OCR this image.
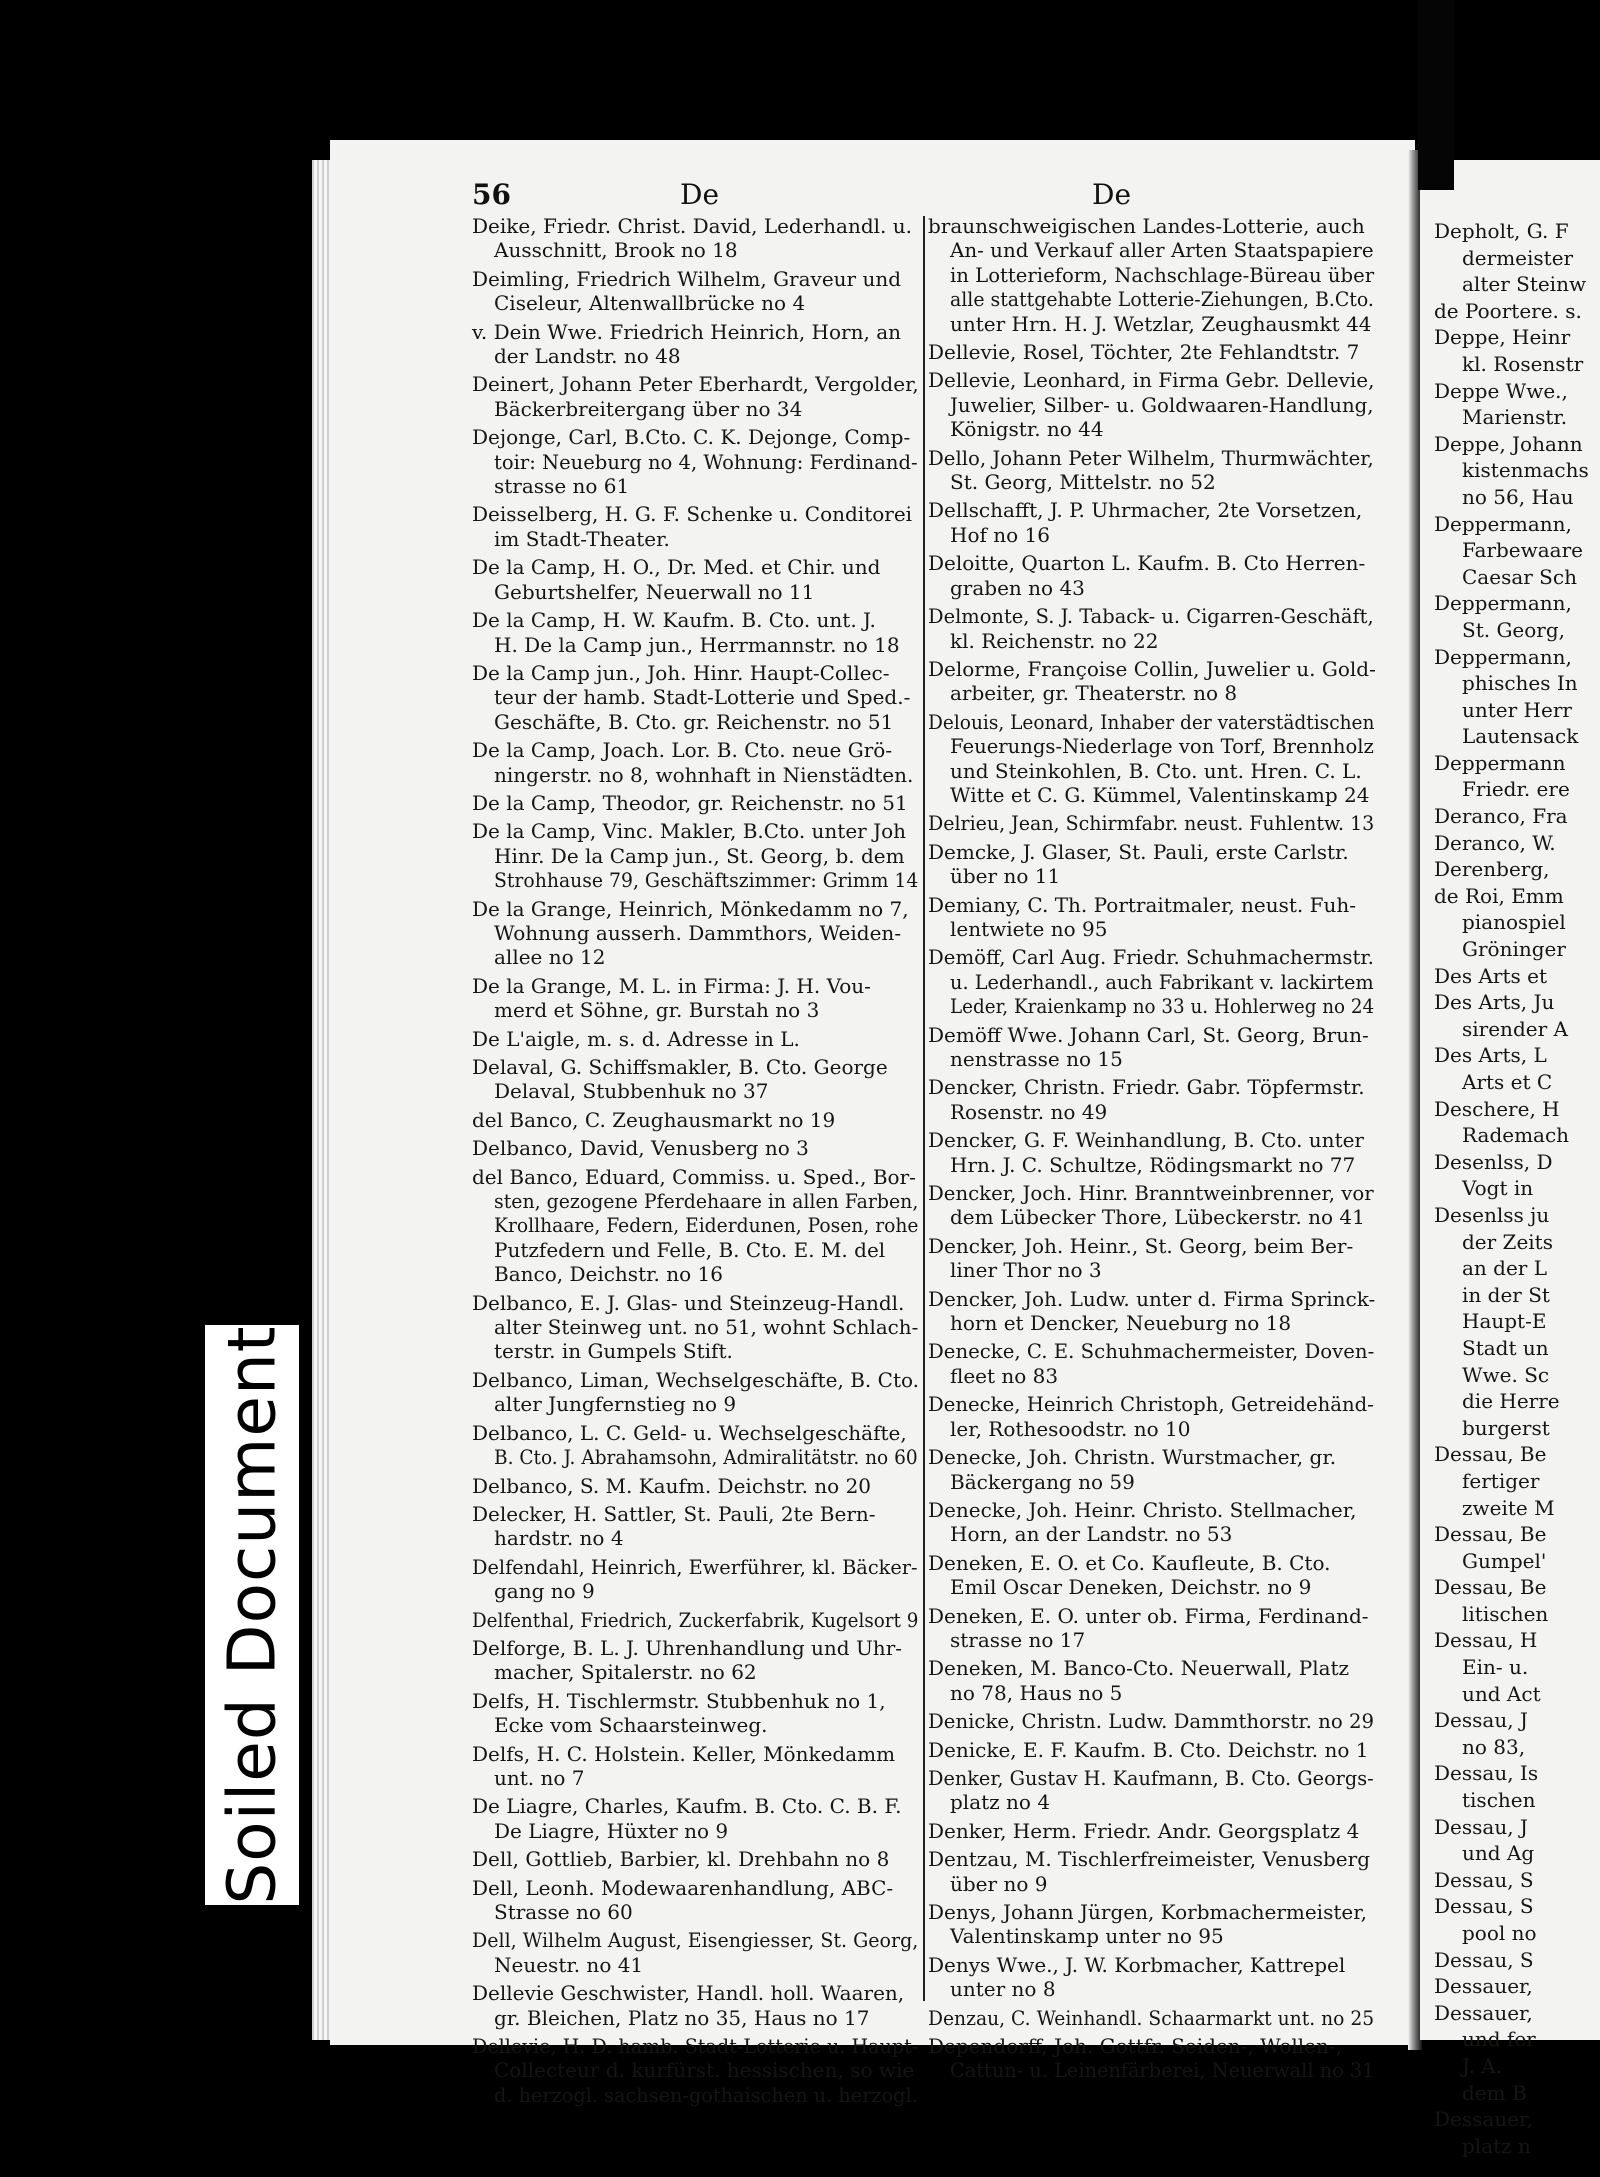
Soiled Document
Depholt, G. F
dermeister
alter Steinw
de Poortere. s.
Deppe, Heinr
kl. Rosenstr
Deppe Wwe.,
Marienstr.
Deppe, Johann
kistenmachs
no 56, Hau
Deppermann,
Farbewaare
Caesar Sch
Deppermann,
St. Georg,
Deppermann,
phisches In
unter Herr
Lautensack
Deppermann
Friedr. ere
Deranco, Fra
Deranco, W.
Derenberg,
de Roi, Emm
pianospiel
Gröninger
Des Arts et
Des Arts, Ju
sirender A
Des Arts, L
Arts et C
Deschere, H
Rademach
Desenlss, D
Vogt in
Desenlss ju
der Zeits
an der L
in der St
Haupt-E
Stadt un
Wwe. Sc
die Herre
burgerst
Dessau, Be
fertiger
zweite M
Dessau, Be
Gumpel'
Dessau, Be
litischen
Dessau, H
Ein- u.
und Act
Dessau, J
no 83,
Dessau, Is
tischen
Dessau, J
und Ag
Dessau, S
Dessau, S
pool no
Dessau, S
Dessauer,
Dessauer,
und fer
J. A.
dem B
Dessauer,
platz n
56	De	De
Deike, Friedr. Christ. David, Lederhandl. u.
Ausschnitt, Brook no 18
Deimling, Friedrich Wilhelm, Graveur und
Ciseleur, Altenwallbrücke no 4
v. Dein Wwe. Friedrich Heinrich, Horn, an
der Landstr. no 48
Deinert, Johann Peter Eberhardt, Vergolder,
Bäckerbreitergang über no 34
Dejonge, Carl, B.Cto. C. K. Dejonge, Comp-
toir: Neueburg no 4, Wohnung: Ferdinand-
strasse no 61
Deisselberg, H. G. F. Schenke u. Conditorei
im Stadt-Theater.
De la Camp, H. O., Dr. Med. et Chir. und
Geburtshelfer, Neuerwall no 11
De la Camp, H. W. Kaufm. B. Cto. unt. J.
H. De la Camp jun., Herrmannstr. no 18
De la Camp jun., Joh. Hinr. Haupt-Collec-
teur der hamb. Stadt-Lotterie und Sped.-
Geschäfte, B. Cto. gr. Reichenstr. no 51
De la Camp, Joach. Lor. B. Cto. neue Grö-
ningerstr. no 8, wohnhaft in Nienstädten.
De la Camp, Theodor, gr. Reichenstr. no 51
De la Camp, Vinc. Makler, B.Cto. unter Joh
Hinr. De la Camp jun., St. Georg, b. dem
Strohhause 79, Geschäftszimmer: Grimm 14
De la Grange, Heinrich, Mönkedamm no 7,
Wohnung ausserh. Dammthors, Weiden-
allee no 12
De la Grange, M. L. in Firma: J. H. Vou-
merd et Söhne, gr. Burstah no 3
De L'aigle, m. s. d. Adresse in L.
Delaval, G. Schiffsmakler, B. Cto. George
Delaval, Stubbenhuk no 37
del Banco, C. Zeughausmarkt no 19
Delbanco, David, Venusberg no 3
del Banco, Eduard, Commiss. u. Sped., Bor-
sten, gezogene Pferdehaare in allen Farben,
Krollhaare, Federn, Eiderdunen, Posen, rohe
Putzfedern und Felle, B. Cto. E. M. del
Banco, Deichstr. no 16
Delbanco, E. J. Glas- und Steinzeug-Handl.
alter Steinweg unt. no 51, wohnt Schlach-
terstr. in Gumpels Stift.
Delbanco, Liman, Wechselgeschäfte, B. Cto.
alter Jungfernstieg no 9
Delbanco, L. C. Geld- u. Wechselgeschäfte,
B. Cto. J. Abrahamsohn, Admiralitätstr. no 60
Delbanco, S. M. Kaufm. Deichstr. no 20
Delecker, H. Sattler, St. Pauli, 2te Bern-
hardstr. no 4
Delfendahl, Heinrich, Ewerführer, kl. Bäcker-
gang no 9
Delfenthal, Friedrich, Zuckerfabrik, Kugelsort 9
Delforge, B. L. J. Uhrenhandlung und Uhr-
macher, Spitalerstr. no 62
Delfs, H. Tischlermstr. Stubbenhuk no 1,
Ecke vom Schaarsteinweg.
Delfs, H. C. Holstein. Keller, Mönkedamm
unt. no 7
De Liagre, Charles, Kaufm. B. Cto. C. B. F.
De Liagre, Hüxter no 9
Dell, Gottlieb, Barbier, kl. Drehbahn no 8
Dell, Leonh. Modewaarenhandlung, ABC-
Strasse no 60
Dell, Wilhelm August, Eisengiesser, St. Georg,
Neuestr. no 41
Dellevie Geschwister, Handl. holl. Waaren,
gr. Bleichen, Platz no 35, Haus no 17
Dellevie, H. D. hamb. Stadt-Lotterie u. Haupt-
Collecteur d. kurfürst. hessischen, so wie
d. herzogl. sachsen-gothaischen u. herzogl.
braunschweigischen Landes-Lotterie, auch
An- und Verkauf aller Arten Staatspapiere
in Lotterieform, Nachschlage-Büreau über
alle stattgehabte Lotterie-Ziehungen, B.Cto.
unter Hrn. H. J. Wetzlar, Zeughausmkt 44
Dellevie, Rosel, Töchter, 2te Fehlandtstr. 7
Dellevie, Leonhard, in Firma Gebr. Dellevie,
Juwelier, Silber- u. Goldwaaren-Handlung,
Königstr. no 44
Dello, Johann Peter Wilhelm, Thurmwächter,
St. Georg, Mittelstr. no 52
Dellschafft, J. P. Uhrmacher, 2te Vorsetzen,
Hof no 16
Deloitte, Quarton L. Kaufm. B. Cto Herren-
graben no 43
Delmonte, S. J. Taback- u. Cigarren-Geschäft,
kl. Reichenstr. no 22
Delorme, Françoise Collin, Juwelier u. Gold-
arbeiter, gr. Theaterstr. no 8
Delouis, Leonard, Inhaber der vaterstädtischen
Feuerungs-Niederlage von Torf, Brennholz
und Steinkohlen, B. Cto. unt. Hren. C. L.
Witte et C. G. Kümmel, Valentinskamp 24
Delrieu, Jean, Schirmfabr. neust. Fuhlentw. 13
Demcke, J. Glaser, St. Pauli, erste Carlstr.
über no 11
Demiany, C. Th. Portraitmaler, neust. Fuh-
lentwiete no 95
Demöff, Carl Aug. Friedr. Schuhmachermstr.
u. Lederhandl., auch Fabrikant v. lackirtem
Leder, Kraienkamp no 33 u. Hohlerweg no 24
Demöff Wwe. Johann Carl, St. Georg, Brun-
nenstrasse no 15
Dencker, Christn. Friedr. Gabr. Töpfermstr.
Rosenstr. no 49
Dencker, G. F. Weinhandlung, B. Cto. unter
Hrn. J. C. Schultze, Rödingsmarkt no 77
Dencker, Joch. Hinr. Branntweinbrenner, vor
dem Lübecker Thore, Lübeckerstr. no 41
Dencker, Joh. Heinr., St. Georg, beim Ber-
liner Thor no 3
Dencker, Joh. Ludw. unter d. Firma Sprinck-
horn et Dencker, Neueburg no 18
Denecke, C. E. Schuhmachermeister, Doven-
fleet no 83
Denecke, Heinrich Christoph, Getreidehänd-
ler, Rothesoodstr. no 10
Denecke, Joh. Christn. Wurstmacher, gr.
Bäckergang no 59
Denecke, Joh. Heinr. Christo. Stellmacher,
Horn, an der Landstr. no 53
Deneken, E. O. et Co. Kaufleute, B. Cto.
Emil Oscar Deneken, Deichstr. no 9
Deneken, E. O. unter ob. Firma, Ferdinand-
strasse no 17
Deneken, M. Banco-Cto. Neuerwall, Platz
no 78, Haus no 5
Denicke, Christn. Ludw. Dammthorstr. no 29
Denicke, E. F. Kaufm. B. Cto. Deichstr. no 1
Denker, Gustav H. Kaufmann, B. Cto. Georgs-
platz no 4
Denker, Herm. Friedr. Andr. Georgsplatz 4
Dentzau, M. Tischlerfreimeister, Venusberg
über no 9
Denys, Johann Jürgen, Korbmachermeister,
Valentinskamp unter no 95
Denys Wwe., J. W. Korbmacher, Kattrepel
unter no 8
Denzau, C. Weinhandl. Schaarmarkt unt. no 25
Dependorff, Joh. Gottfr. Seiden-, Wollen-,
Cattun- u. Leinenfärberei, Neuerwall no 31
